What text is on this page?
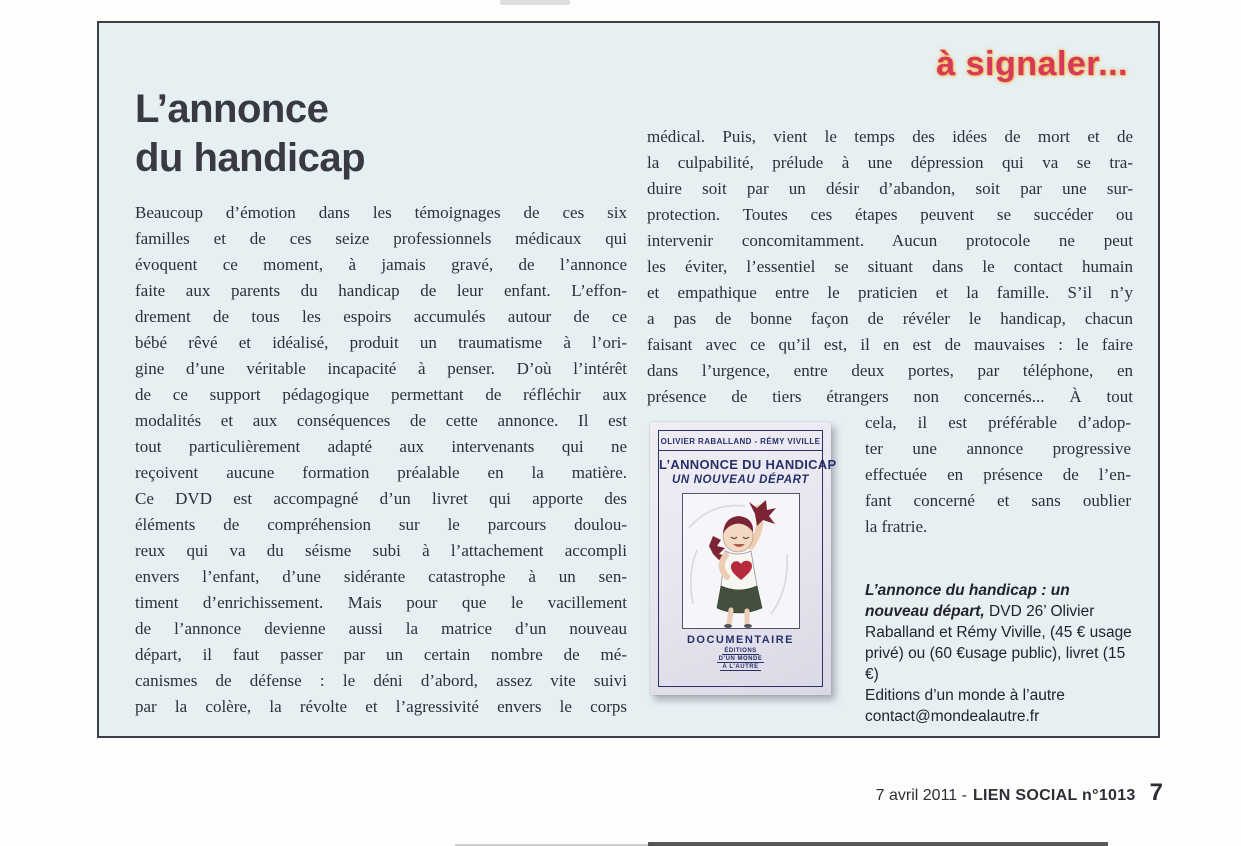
à signaler...
L’annonce
du handicap
Beaucoup d’émotion dans les témoignages de ces six
familles et de ces seize professionnels médicaux qui
évoquent ce moment, à jamais gravé, de l’annonce
faite aux parents du handicap de leur enfant. L’effon-
drement de tous les espoirs accumulés autour de ce
bébé rêvé et idéalisé, produit un traumatisme à l’ori-
gine d’une véritable incapacité à penser. D’où l’intérêt
de ce support pédagogique permettant de réfléchir aux
modalités et aux conséquences de cette annonce. Il est
tout particulièrement adapté aux intervenants qui ne
reçoivent aucune formation préalable en la matière.
Ce DVD est accompagné d’un livret qui apporte des
éléments de compréhension sur le parcours doulou-
reux qui va du séisme subi à l’attachement accompli
envers l’enfant, d’une sidérante catastrophe à un sen-
timent d’enrichissement. Mais pour que le vacillement
de l’annonce devienne aussi la matrice d’un nouveau
départ, il faut passer par un certain nombre de mé-
canismes de défense : le déni d’abord, assez vite suivi
par la colère, la révolte et l’agressivité envers le corps
médical. Puis, vient le temps des idées de mort et de
la culpabilité, prélude à une dépression qui va se tra-
duire soit par un désir d’abandon, soit par une sur-
protection. Toutes ces étapes peuvent se succéder ou
intervenir concomitamment. Aucun protocole ne peut
les éviter, l’essentiel se situant dans le contact humain
et empathique entre le praticien et la famille. S’il n’y
a pas de bonne façon de révéler le handicap, chacun
faisant avec ce qu’il est, il en est de mauvaises : le faire
dans l’urgence, entre deux portes, par téléphone, en
présence de tiers étrangers non concernés... À tout
cela, il est préférable d’adop-
ter une annonce progressive
effectuée en présence de l’en-
fant concerné et sans oublier
la fratrie.
OLIVIER RABALLAND - RÉMY VIVILLE
L’ANNONCE DU HANDICAP
UN NOUVEAU DÉPART
DOCUMENTAIRE
ÉDITIONS
D’UN MONDE
À L’AUTRE
L’annonce du handicap : un nouveau départ, DVD 26’ Olivier Raballand et Rémy Viville, (45 € usage privé) ou (60 €usage public), livret (15 €)
Editions d’un monde à l’autre
contact@mondealautre.fr
7 avril 2011 - LIEN SOCIAL n°1013 7
